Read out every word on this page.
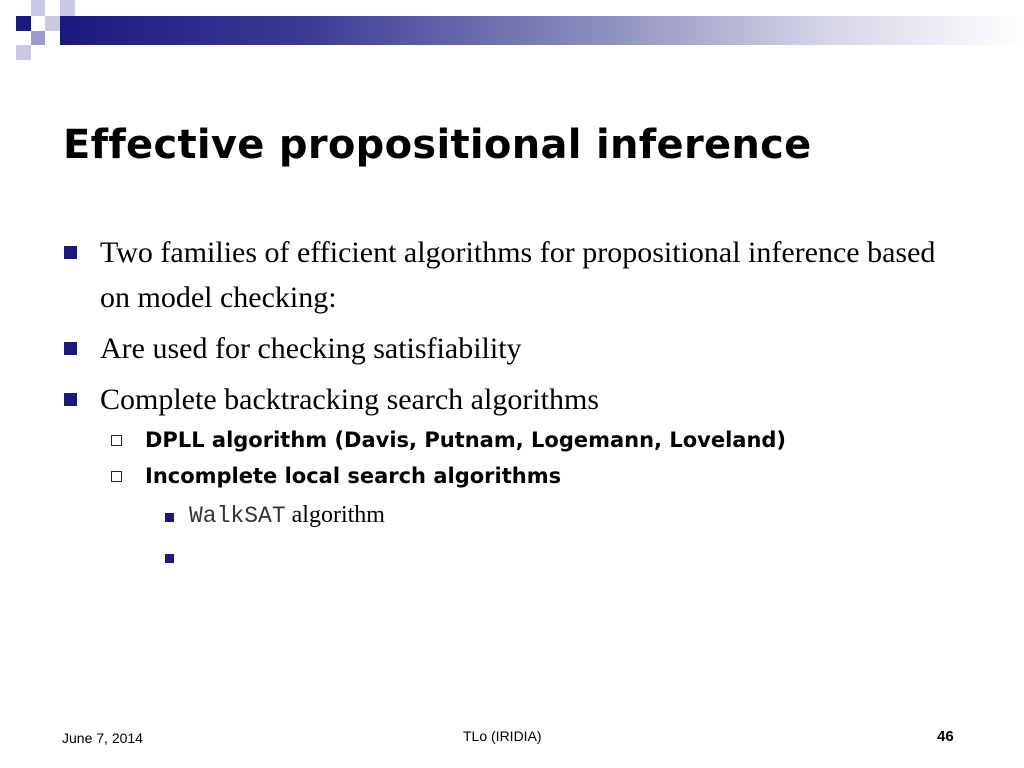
Effective propositional inference
Two families of efficient algorithms for propositional inference based on model checking:
Are used for checking satisfiability
Complete backtracking search algorithms
DPLL algorithm (Davis, Putnam, Logemann, Loveland)
Incomplete local search algorithms
WalkSAT algorithm
June 7, 2014	TLo (IRIDIA)	46
